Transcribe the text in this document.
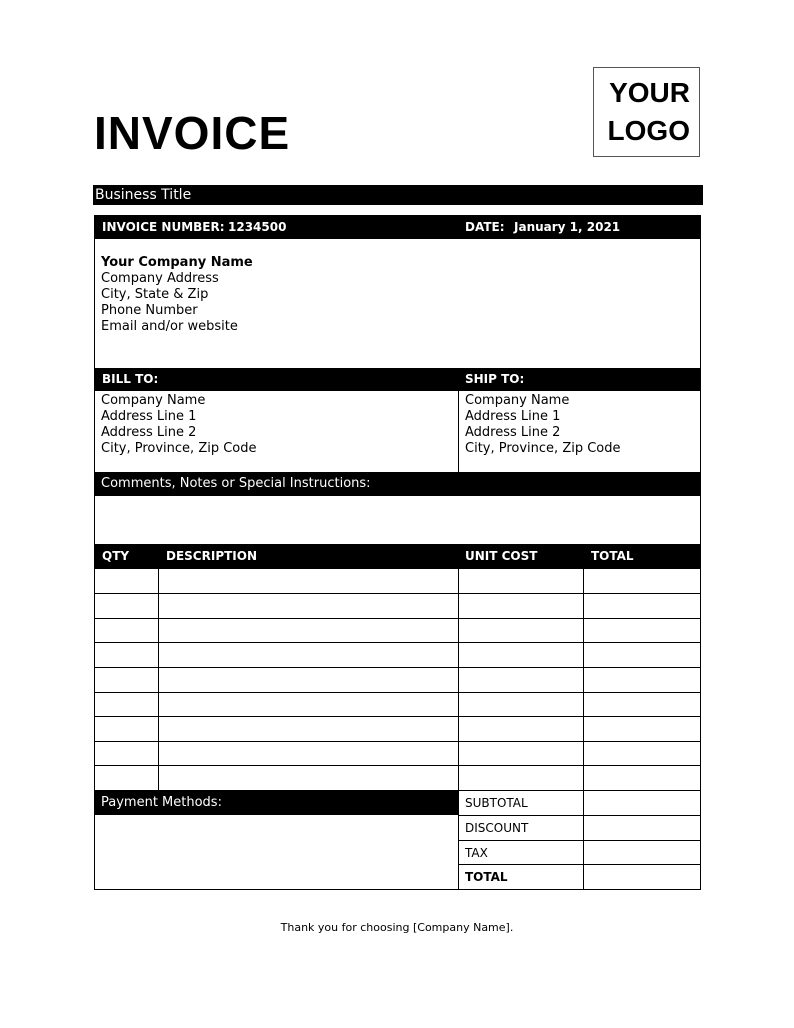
INVOICE
YOUR
LOGO
Business Title
INVOICE NUMBER: 1234500	DATE: January 1, 2021
Your Company Name
Company Address
City, State & Zip
Phone Number
Email and/or website
BILL TO:	SHIP TO:
Company Name
Address Line 1
Address Line 2
City, Province, Zip Code
Company Name
Address Line 1
Address Line 2
City, Province, Zip Code
Comments, Notes or Special Instructions:
QTY	DESCRIPTION	UNIT COST	TOTAL
Payment Methods:	SUBTOTAL
DISCOUNT
TAX
TOTAL
Thank you for choosing [Company Name].
